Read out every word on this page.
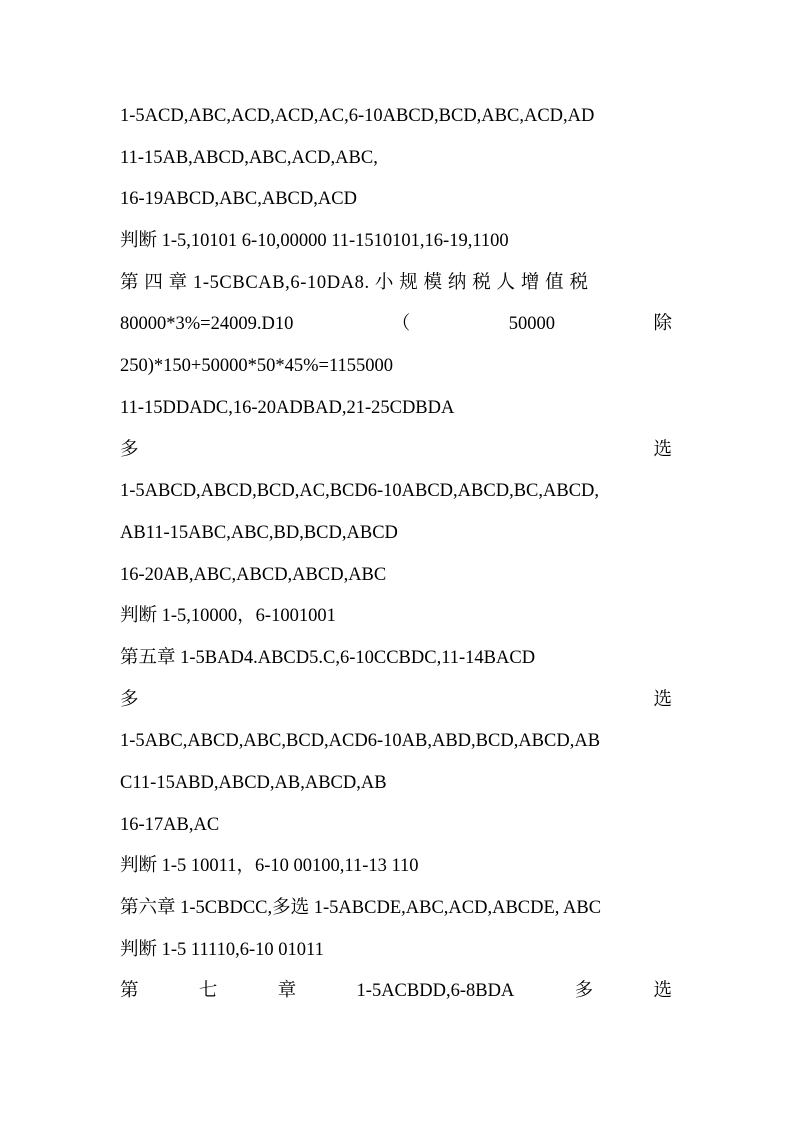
1-5ACD,ABC,ACD,ACD,AC,6-10ABCD,BCD,ABC,ACD,AD
11-15AB,ABCD,ABC,ACD,ABC,
16-19ABCD,ABC,ABCD,ACD
判断 1-5,10101 6-10,00000 11-1510101,16-19,1100
第 四 章 1-5CBCAB,6-10DA8. 小 规 模 纳 税 人 增 值 税
80000*3%=24009.D10	（	50000	除
250)*150+50000*50*45%=1155000
11-15DDADC,16-20ADBAD,21-25CDBDA
多	选
1-5ABCD,ABCD,BCD,AC,BCD6-10ABCD,ABCD,BC,ABCD,
AB11-15ABC,ABC,BD,BCD,ABCD
16-20AB,ABC,ABCD,ABCD,ABC
判断 1-5,10000，6-1001001
第五章 1-5BAD4.ABCD5.C,6-10CCBDC,11-14BACD
多	选
1-5ABC,ABCD,ABC,BCD,ACD6-10AB,ABD,BCD,ABCD,AB
C11-15ABD,ABCD,AB,ABCD,AB
16-17AB,AC
判断 1-5 10011，6-10 00100,11-13 110
第六章 1-5CBDCC,多选 1-5ABCDE,ABC,ACD,ABCDE, ABC
判断 1-5 11110,6-10 01011
第	七	章	1-5ACBDD,6-8BDA	多	选
